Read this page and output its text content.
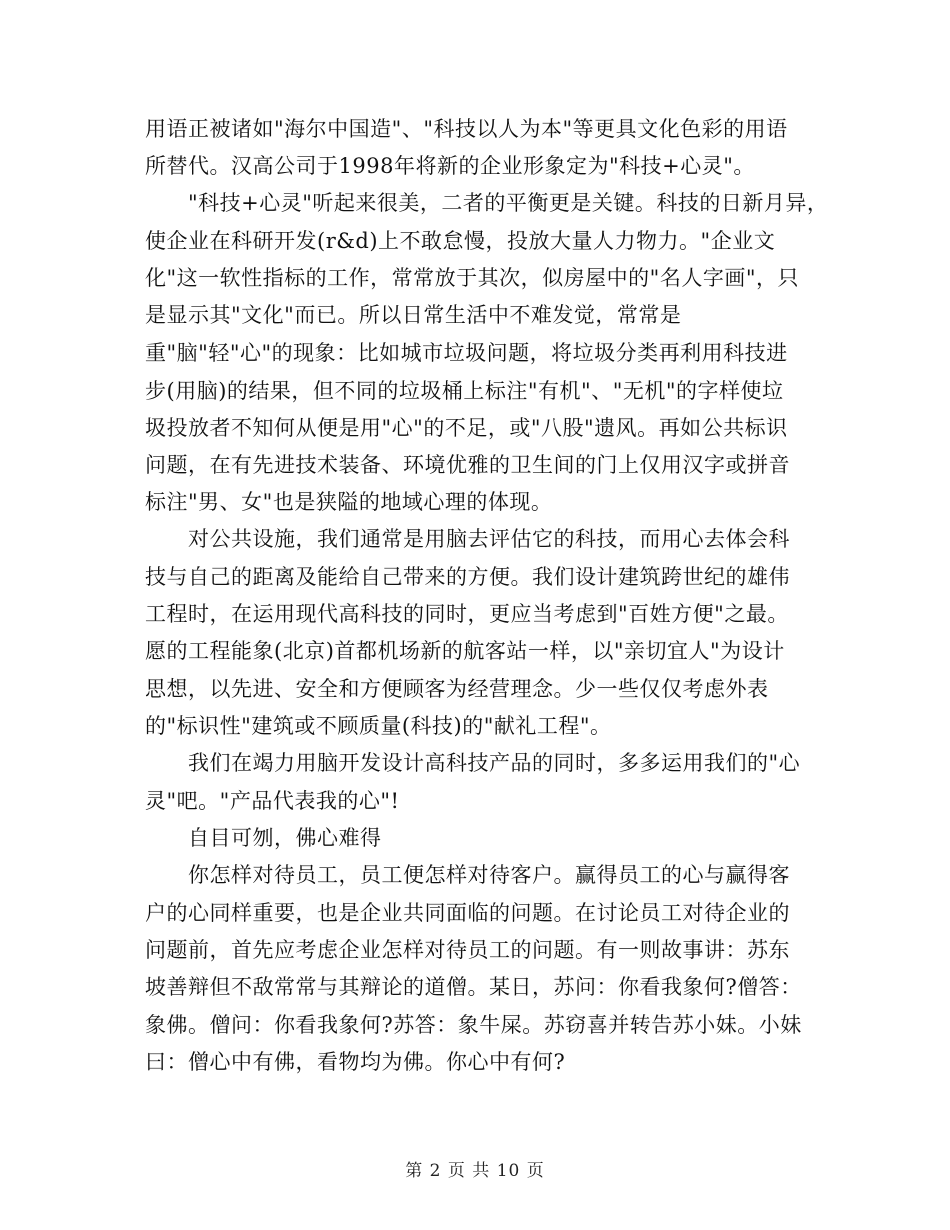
用语正被诸如"海尔中国造"、"科技以人为本"等更具文化色彩的用语
所替代。汉高公司于1998年将新的企业形象定为"科技+心灵"。
"科技+心灵"听起来很美，二者的平衡更是关键。科技的日新月异，
使企业在科研开发(r&d)上不敢怠慢，投放大量人力物力。"企业文
化"这一软性指标的工作，常常放于其次，似房屋中的"名人字画"，只
是显示其"文化"而已。所以日常生活中不难发觉，常常是
重"脑"轻"心"的现象：比如城市垃圾问题，将垃圾分类再利用科技进
步(用脑)的结果，但不同的垃圾桶上标注"有机"、"无机"的字样使垃
圾投放者不知何从便是用"心"的不足，或"八股"遗风。再如公共标识
问题，在有先进技术装备、环境优雅的卫生间的门上仅用汉字或拼音
标注"男、女"也是狭隘的地域心理的体现。
对公共设施，我们通常是用脑去评估它的科技，而用心去体会科
技与自己的距离及能给自己带来的方便。我们设计建筑跨世纪的雄伟
工程时，在运用现代高科技的同时，更应当考虑到"百姓方便"之最。
愿的工程能象(北京)首都机场新的航客站一样，以"亲切宜人"为设计
思想，以先进、安全和方便顾客为经营理念。少一些仅仅考虑外表
的"标识性"建筑或不顾质量(科技)的"献礼工程"。
我们在竭力用脑开发设计高科技产品的同时，多多运用我们的"心
灵"吧。"产品代表我的心"!
自目可刎，佛心难得
你怎样对待员工，员工便怎样对待客户。赢得员工的心与赢得客
户的心同样重要，也是企业共同面临的问题。在讨论员工对待企业的
问题前，首先应考虑企业怎样对待员工的问题。有一则故事讲：苏东
坡善辩但不敌常常与其辩论的道僧。某日，苏问：你看我象何?僧答：
象佛。僧问：你看我象何?苏答：象牛屎。苏窃喜并转告苏小妹。小妹
曰：僧心中有佛，看物均为佛。你心中有何?
第 2 页 共 10 页
